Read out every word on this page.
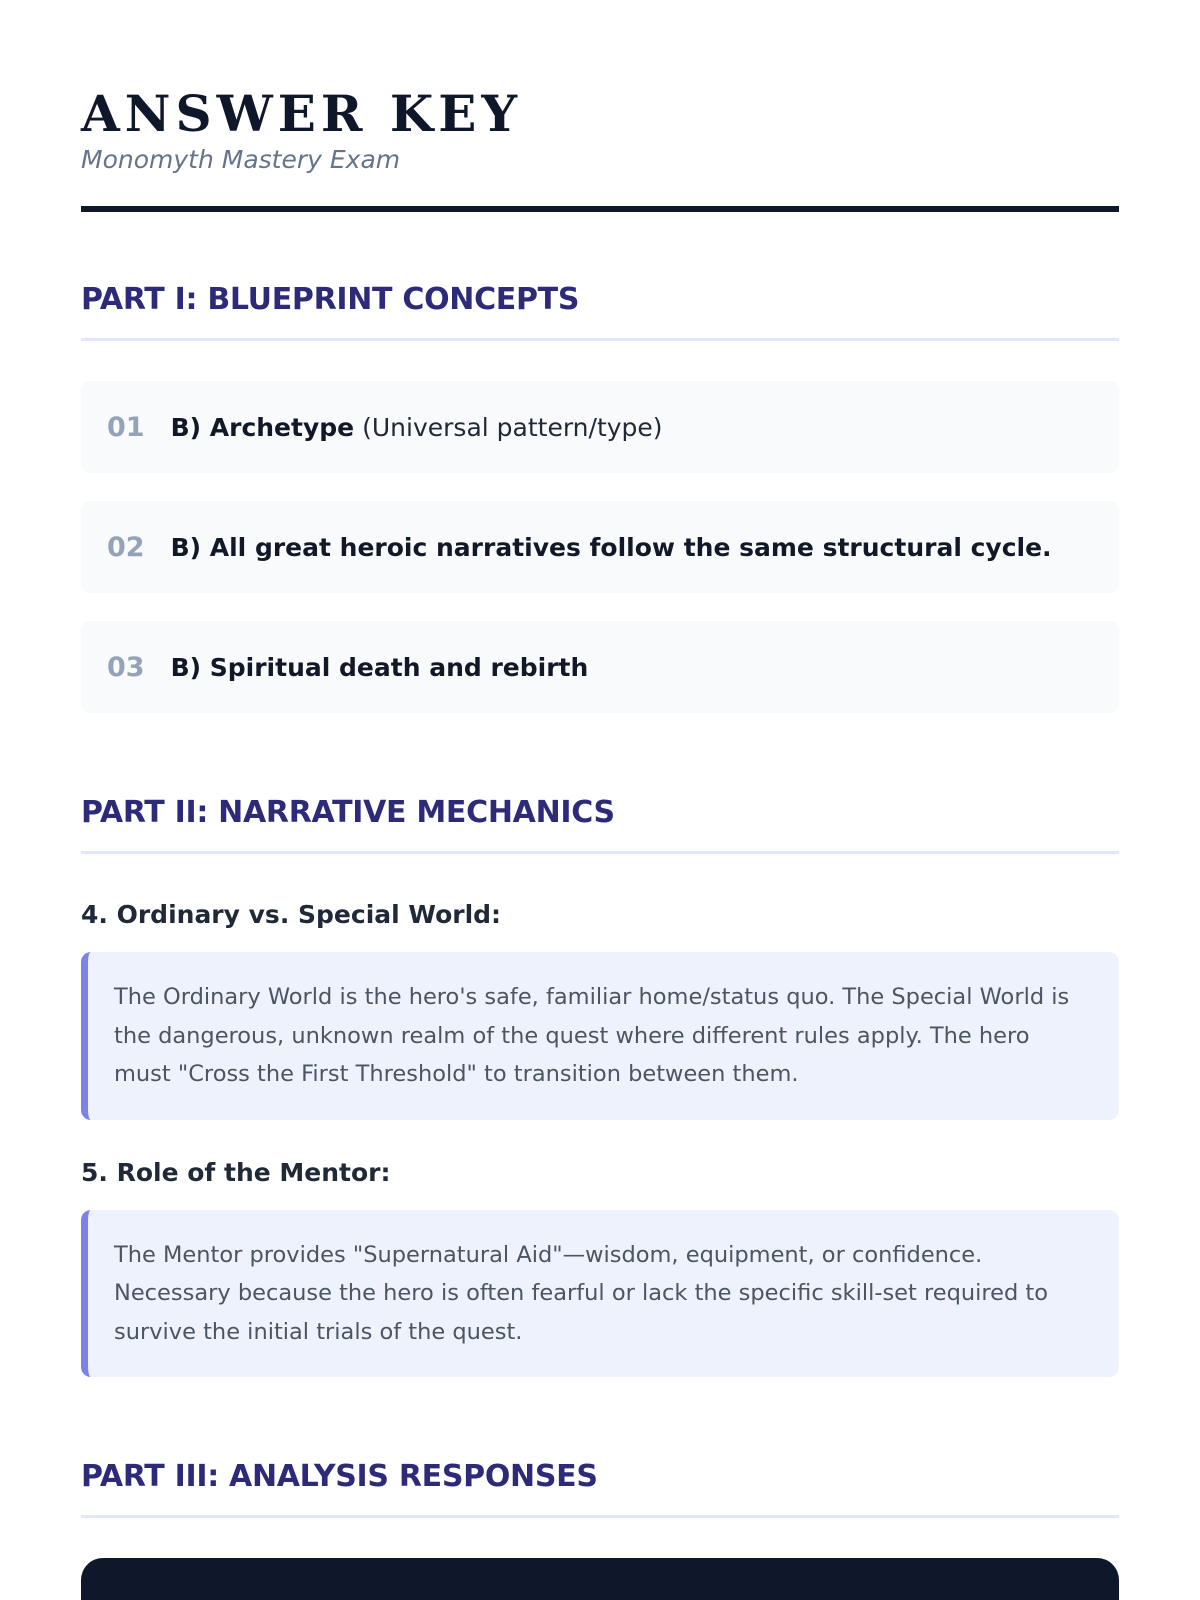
ANSWER KEY
Monomyth Mastery Exam
PART I: BLUEPRINT CONCEPTS
01 B) Archetype (Universal pattern/type)
02 B) All great heroic narratives follow the same structural cycle.
03 B) Spiritual death and rebirth
PART II: NARRATIVE MECHANICS
4. Ordinary vs. Special World:
The Ordinary World is the hero's safe, familiar home/status quo. The Special World is the dangerous, unknown realm of the quest where different rules apply. The hero must "Cross the First Threshold" to transition between them.
5. Role of the Mentor:
The Mentor provides "Supernatural Aid"—wisdom, equipment, or confidence. Necessary because the hero is often fearful or lack the specific skill-set required to survive the initial trials of the quest.
PART III: ANALYSIS RESPONSES
